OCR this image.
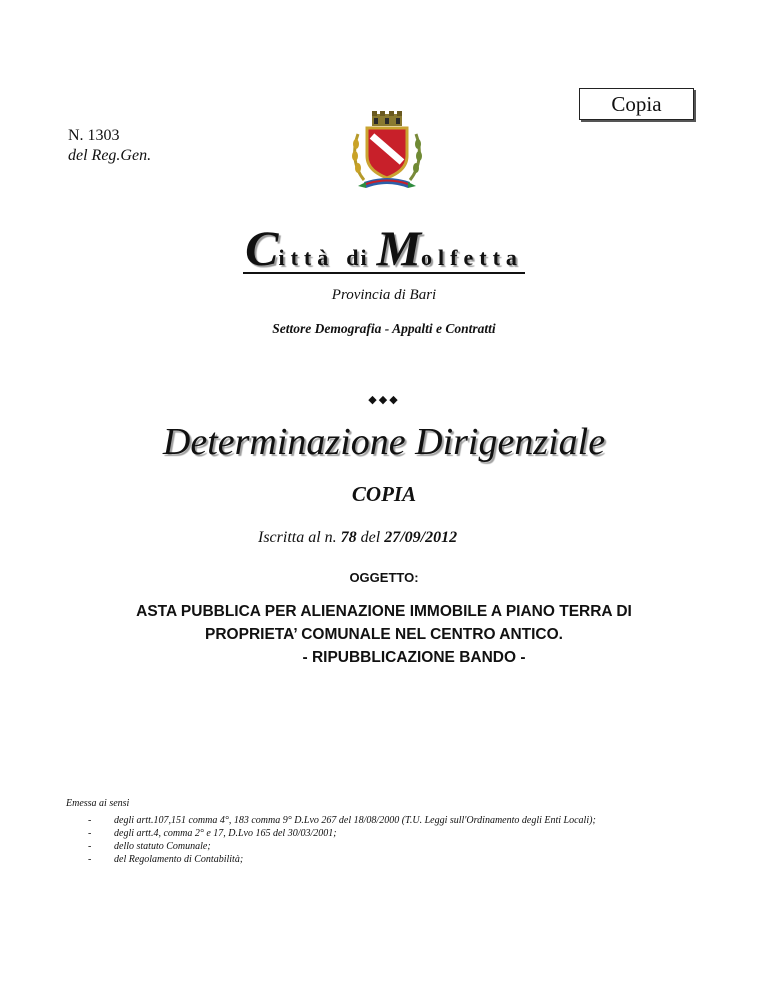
Copia
N. 1303
del Reg.Gen.
Città di Molfetta
Provincia di Bari
Settore Demografia - Appalti e Contratti
◆◆◆
Determinazione Dirigenziale
COPIA
Iscritta al n. 78 del 27/09/2012
OGGETTO:
ASTA PUBBLICA PER ALIENAZIONE IMMOBILE A PIANO TERRA DI
PROPRIETA’ COMUNALE NEL CENTRO ANTICO.
- RIPUBBLICAZIONE BANDO -
Emessa ai sensi
- degli artt.107,151 comma 4°, 183 comma 9° D.Lvo 267 del 18/08/2000 (T.U. Leggi sull'Ordinamento degli Enti Locali);
- degli artt.4, comma 2° e 17, D.Lvo 165 del 30/03/2001;
- dello statuto Comunale;
- del Regolamento di Contabilità;
